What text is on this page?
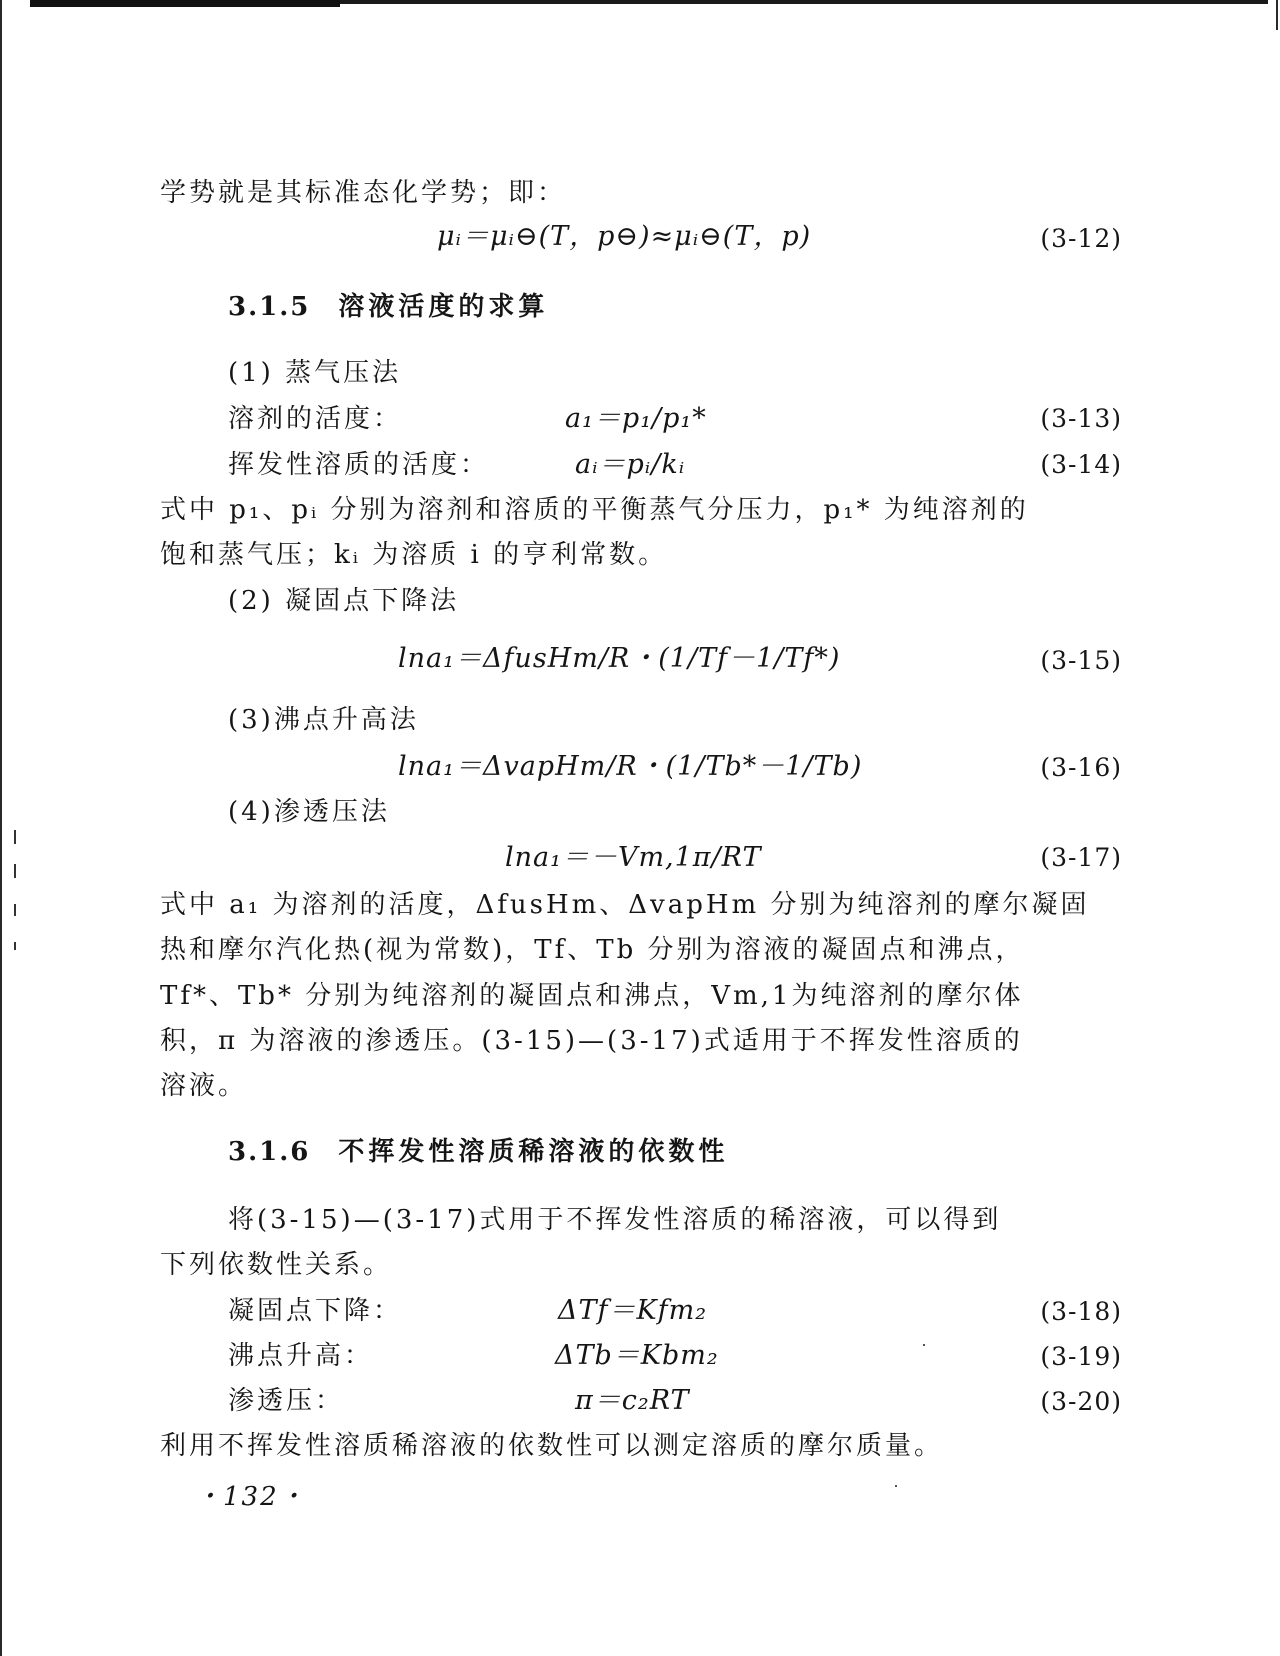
学势就是其标准态化学势；即：
μᵢ＝μᵢ⊖(T，p⊖)≈μᵢ⊖(T，p)	(3-12)
3.1.5 溶液活度的求算
(1) 蒸气压法
溶剂的活度：	a₁＝p₁/p₁*	(3-13)
挥发性溶质的活度：	aᵢ＝pᵢ/kᵢ	(3-14)
式中 p₁、pᵢ 分别为溶剂和溶质的平衡蒸气分压力，p₁* 为纯溶剂的
饱和蒸气压；kᵢ 为溶质 i 的亨利常数。
(2) 凝固点下降法
lna₁＝ΔfusHm/R・(1/Tf－1/Tf*)	(3-15)
(3)沸点升高法
lna₁＝ΔvapHm/R・(1/Tb*－1/Tb)	(3-16)
(4)渗透压法
lna₁＝－Vm,1π/RT	(3-17)
式中 a₁ 为溶剂的活度，ΔfusHm、ΔvapHm 分别为纯溶剂的摩尔凝固
热和摩尔汽化热(视为常数)，Tf、Tb 分别为溶液的凝固点和沸点，
Tf*、Tb* 分别为纯溶剂的凝固点和沸点，Vm,1为纯溶剂的摩尔体
积，π 为溶液的渗透压。(3-15)—(3-17)式适用于不挥发性溶质的
溶液。
3.1.6 不挥发性溶质稀溶液的依数性
将(3-15)—(3-17)式用于不挥发性溶质的稀溶液，可以得到
下列依数性关系。
凝固点下降：	ΔTf＝Kfm₂	(3-18)
沸点升高：	ΔTb＝Kbm₂	(3-19)
渗透压：	π＝c₂RT	(3-20)
利用不挥发性溶质稀溶液的依数性可以测定溶质的摩尔质量。
・132・
